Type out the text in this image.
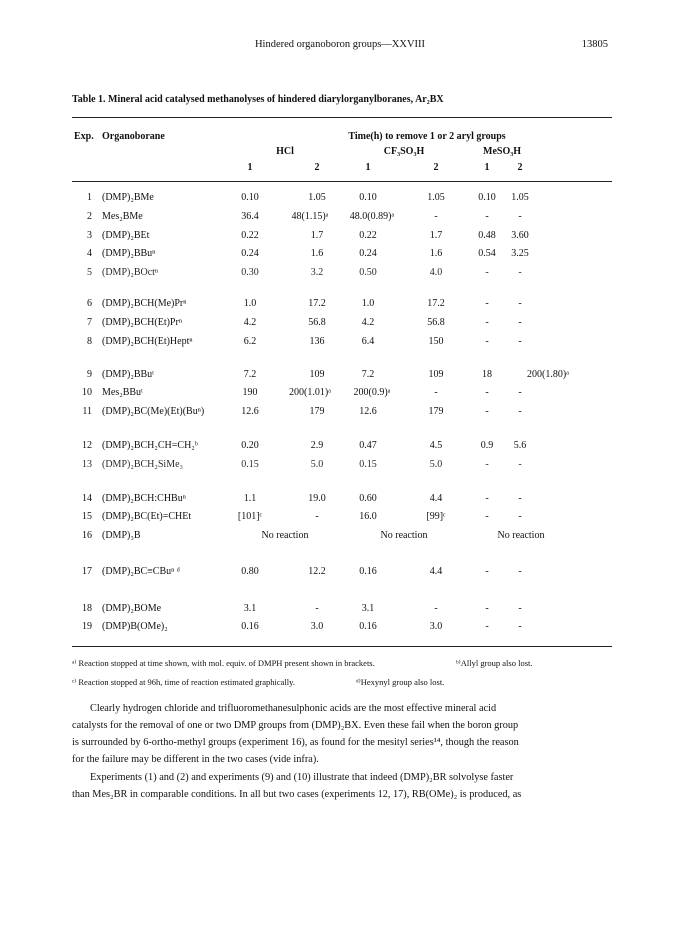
Hindered organoboron groups—XXVIII	13805
Table 1. Mineral acid catalysed methanolyses of hindered diarylorganylboranes, Ar₂BX
Exp. Organoborane	Time(h) to remove 1 or 2 aryl groups
HCl	CF₃SO₃H	MeSO₃H
1	2	1	2	1	2
1 (DMP)₂BMe	0.10	1.05	0.10	1.05	0.10 1.05
2 Mes₂BMe	36.4	48(1.15)ᵃ 48.0(0.89)ᵃ	-	-	-
3 (DMP)₂BEt	0.22	1.7	0.22	1.7	0.48 3.60
4 (DMP)₂BBuⁿ	0.24	1.6	0.24	1.6	0.54 3.25
5 (DMP)₂BOctⁿ	0.30	3.2	0.50	4.0	-	-
6 (DMP)₂BCH(Me)Prⁿ	1.0	17.2	1.0	17.2	-	-
7 (DMP)₂BCH(Et)Prⁿ	4.2	56.8	4.2	56.8	-	-
8 (DMP)₂BCH(Et)Heptⁿ	6.2	136	6.4	150	-	-
9 (DMP)₂BBuᵗ	7.2	109	7.2	109	18	200(1.80)ᵃ
10 Mes₂BBuᵗ	190	200(1.01)ᵃ 200(0.9)ᵃ	-	-	-
11 (DMP)₂BC(Me)(Et)(Buⁿ)	12.6	179	12.6	179	-	-
12 (DMP)₂BCH₂CH=CH₂ᵇ	0.20	2.9	0.47	4.5	0.9 5.6
13 (DMP)₂BCH₂SiMe₃	0.15	5.0	0.15	5.0	-	-
14 (DMP)₂BCH:CHBuⁿ	1.1	19.0	0.60	4.4	-	-
15 (DMP)₂BC(Et)=CHEt	[101]ᶜ	-	16.0	[99]ᶜ	-	-
16 (DMP)₃B	No reaction	No reaction	No reaction
17 (DMP)₂BC≡CBuⁿ ᵈ	0.80	12.2	0.16	4.4	-	-
18 (DMP)₂BOMe	3.1	-	3.1	-	-	-
19 (DMP)B(OMe)₂	0.16	3.0	0.16	3.0	-	-
ᵃ⁾ Reaction stopped at time shown, with mol. equiv. of DMPH present shown in brackets.	ᵇ⁾Allyl group also lost.
ᶜ⁾ Reaction stopped at 96h, time of reaction estimated graphically.	ᵈ⁾Hexynyl group also lost.
Clearly hydrogen chloride and trifluoromethanesulphonic acids are the most effective mineral acid
catalysts for the removal of one or two DMP groups from (DMP)₂BX. Even these fail when the boron group
is surrounded by 6-ortho-methyl groups (experiment 16), as found for the mesityl series¹⁴, though the reason
for the failure may be different in the two cases (vide infra).
Experiments (1) and (2) and experiments (9) and (10) illustrate that indeed (DMP)₂BR solvolyse faster
than Mes₂BR in comparable conditions. In all but two cases (experiments 12, 17), RB(OMe)₂ is produced, as
